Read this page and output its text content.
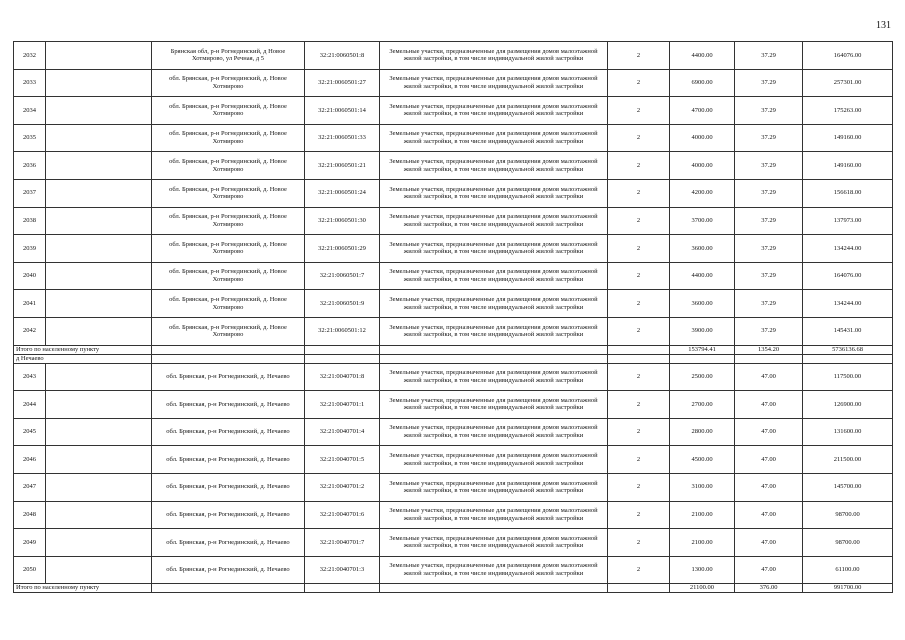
131
2032		Брянская обл, р-н Рогнединский, д Новое Хотмирово, ул Речная, д 5	32:21:0060501:8	Земельные участки, предназначенные для размещения домов малоэтажной жилой застройки, в том числе индивидуальной жилой застройки	2	4400.00	37.29	164076.00
2033		обл. Брянская, р-н Рогнединский, д. Новое Хотмирово	32:21:0060501:27	Земельные участки, предназначенные для размещения домов малоэтажной жилой застройки, в том числе индивидуальной жилой застройки	2	6900.00	37.29	257301.00
2034		обл. Брянская, р-н Рогнединский, д. Новое Хотмирово	32:21:0060501:14	Земельные участки, предназначенные для размещения домов малоэтажной жилой застройки, в том числе индивидуальной жилой застройки	2	4700.00	37.29	175263.00
2035		обл. Брянская, р-н Рогнединский, д. Новое Хотмирово	32:21:0060501:33	Земельные участки, предназначенные для размещения домов малоэтажной жилой застройки, в том числе индивидуальной жилой застройки	2	4000.00	37.29	149160.00
2036		обл. Брянская, р-н Рогнединский, д. Новое Хотмирово	32:21:0060501:21	Земельные участки, предназначенные для размещения домов малоэтажной жилой застройки, в том числе индивидуальной жилой застройки	2	4000.00	37.29	149160.00
2037		обл. Брянская, р-н Рогнединский, д. Новое Хотмирово	32:21:0060501:24	Земельные участки, предназначенные для размещения домов малоэтажной жилой застройки, в том числе индивидуальной жилой застройки	2	4200.00	37.29	156618.00
2038		обл. Брянская, р-н Рогнединский, д. Новое Хотмирово	32:21:0060501:30	Земельные участки, предназначенные для размещения домов малоэтажной жилой застройки, в том числе индивидуальной жилой застройки	2	3700.00	37.29	137973.00
2039		обл. Брянская, р-н Рогнединский, д. Новое Хотмирово	32:21:0060501:29	Земельные участки, предназначенные для размещения домов малоэтажной жилой застройки, в том числе индивидуальной жилой застройки	2	3600.00	37.29	134244.00
2040		обл. Брянская, р-н Рогнединский, д. Новое Хотмирово	32:21:0060501:7	Земельные участки, предназначенные для размещения домов малоэтажной жилой застройки, в том числе индивидуальной жилой застройки	2	4400.00	37.29	164076.00
2041		обл. Брянская, р-н Рогнединский, д. Новое Хотмирово	32:21:0060501:9	Земельные участки, предназначенные для размещения домов малоэтажной жилой застройки, в том числе индивидуальной жилой застройки	2	3600.00	37.29	134244.00
2042		обл. Брянская, р-н Рогнединский, д. Новое Хотмирово	32:21:0060501:12	Земельные участки, предназначенные для размещения домов малоэтажной жилой застройки, в том числе индивидуальной жилой застройки	2	3900.00	37.29	145431.00
Итого по населенному пункту						153794.41	1354.20	5736136.68
д Нечаево								
2043		обл. Брянская, р-н Рогнединский, д. Нечаево	32:21:0040701:8	Земельные участки, предназначенные для размещения домов малоэтажной жилой застройки, в том числе индивидуальной жилой застройки	2	2500.00	47.00	117500.00
2044		обл. Брянская, р-н Рогнединский, д. Нечаево	32:21:0040701:1	Земельные участки, предназначенные для размещения домов малоэтажной жилой застройки, в том числе индивидуальной жилой застройки	2	2700.00	47.00	126900.00
2045		обл. Брянская, р-н Рогнединский, д. Нечаево	32:21:0040701:4	Земельные участки, предназначенные для размещения домов малоэтажной жилой застройки, в том числе индивидуальной жилой застройки	2	2800.00	47.00	131600.00
2046		обл. Брянская, р-н Рогнединский, д. Нечаево	32:21:0040701:5	Земельные участки, предназначенные для размещения домов малоэтажной жилой застройки, в том числе индивидуальной жилой застройки	2	4500.00	47.00	211500.00
2047		обл. Брянская, р-н Рогнединский, д. Нечаево	32:21:0040701:2	Земельные участки, предназначенные для размещения домов малоэтажной жилой застройки, в том числе индивидуальной жилой застройки	2	3100.00	47.00	145700.00
2048		обл. Брянская, р-н Рогнединский, д. Нечаево	32:21:0040701:6	Земельные участки, предназначенные для размещения домов малоэтажной жилой застройки, в том числе индивидуальной жилой застройки	2	2100.00	47.00	98700.00
2049		обл. Брянская, р-н Рогнединский, д. Нечаево	32:21:0040701:7	Земельные участки, предназначенные для размещения домов малоэтажной жилой застройки, в том числе индивидуальной жилой застройки	2	2100.00	47.00	98700.00
2050		обл. Брянская, р-н Рогнединский, д. Нечаево	32:21:0040701:3	Земельные участки, предназначенные для размещения домов малоэтажной жилой застройки, в том числе индивидуальной жилой застройки	2	1300.00	47.00	61100.00
Итого по населенному пункту						21100.00	376.00	991700.00
